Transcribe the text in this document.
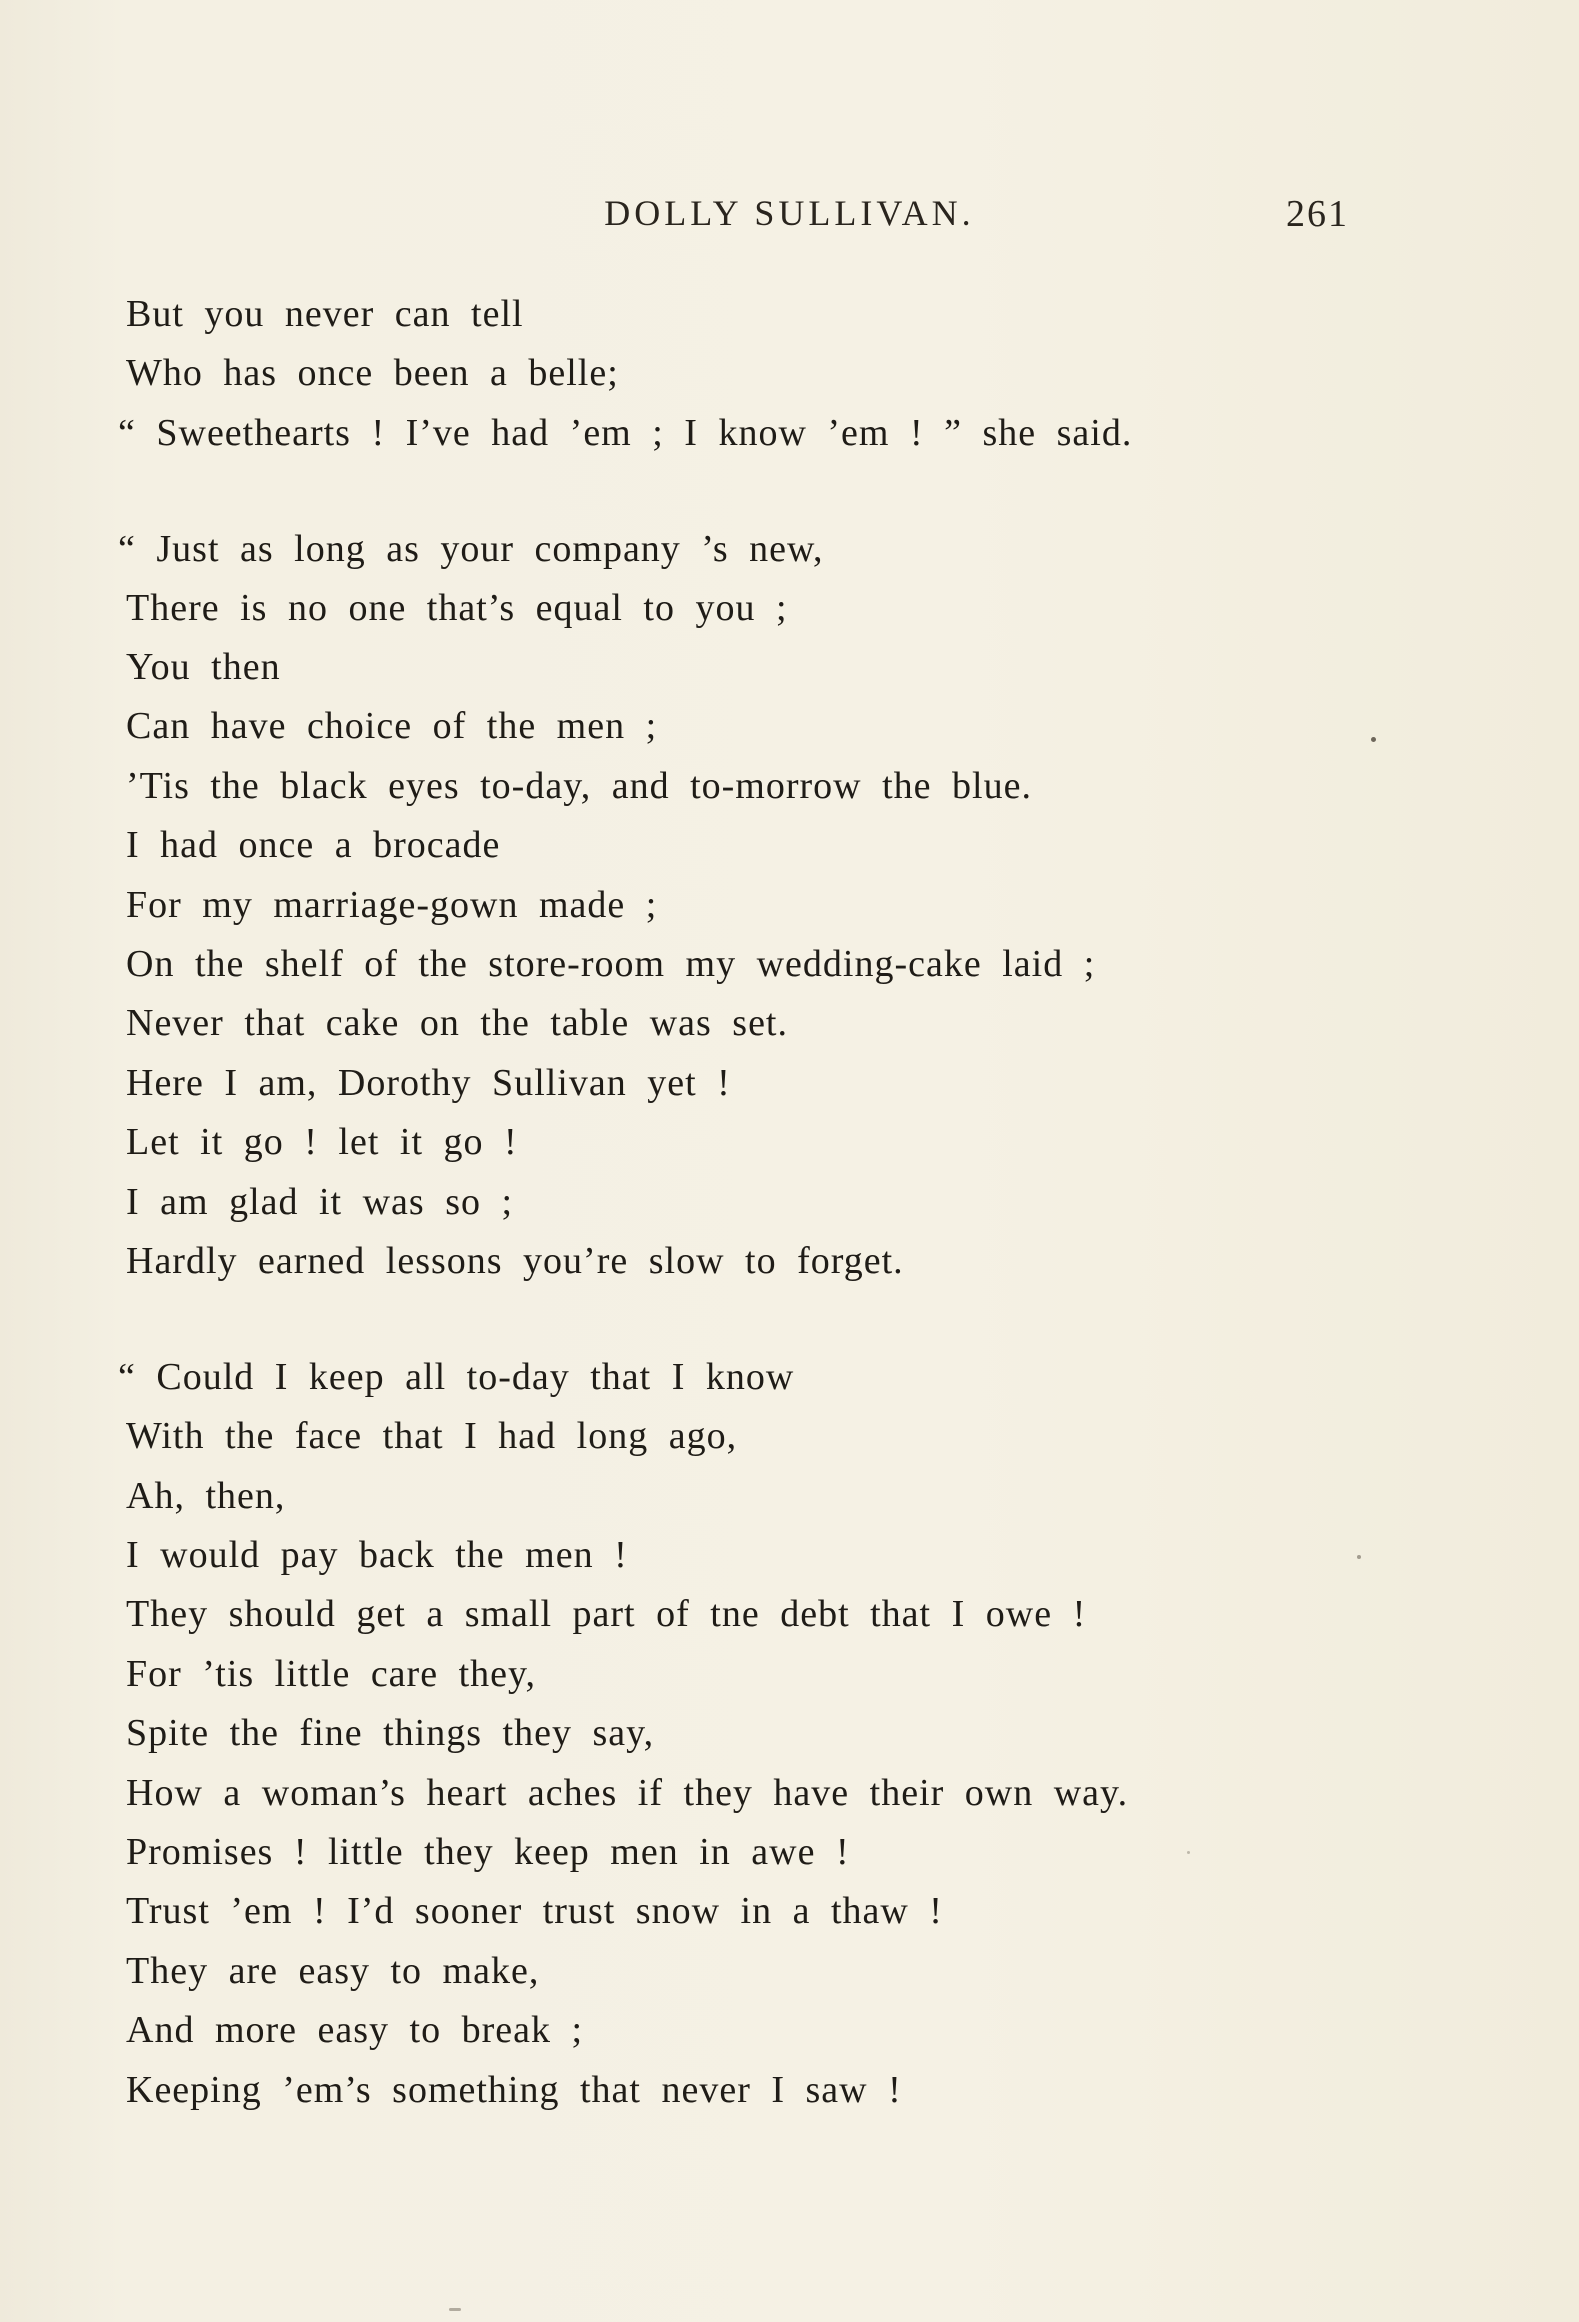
DOLLY SULLIVAN.	261
But you never can tell
Who has once been a belle;
“ Sweethearts ! I’ve had ’em ; I know ’em ! ” she said.
“ Just as long as your company ’s new,
There is no one that’s equal to you ;
You then
Can have choice of the men ;
’Tis the black eyes to-day, and to-morrow the blue.
I had once a brocade
For my marriage-gown made ;
On the shelf of the store-room my wedding-cake laid ;
Never that cake on the table was set.
Here I am, Dorothy Sullivan yet !
Let it go ! let it go !
I am glad it was so ;
Hardly earned lessons you’re slow to forget.
“ Could I keep all to-day that I know
With the face that I had long ago,
Ah, then,
I would pay back the men !
They should get a small part of tne debt that I owe !
For ’tis little care they,
Spite the fine things they say,
How a woman’s heart aches if they have their own way.
Promises ! little they keep men in awe !
Trust ’em ! I’d sooner trust snow in a thaw !
They are easy to make,
And more easy to break ;
Keeping ’em’s something that never I saw !
